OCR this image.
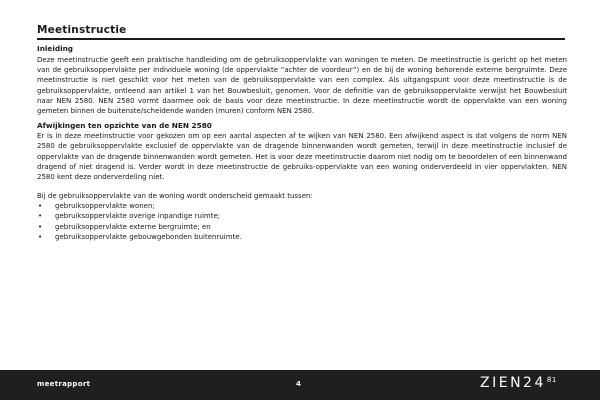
Meetinstructie

Inleiding

Deze meetinstructie geeft een praktische handleiding om de gebruiksoppervlakte van woningen te meten. De meetinstructie is gericht op het meten van de gebruiksoppervlakte per individuele woning (de oppervlakte “achter de voordeur”) en de bij de woning behorende externe bergruimte. Deze meetinstructie is niet geschikt voor het meten van de gebruiksoppervlakte van een complex. Als uitgangspunt voor deze meetinstructie is de gebruiksoppervlakte, ontleend aan artikel 1 van het Bouwbesluit, genomen. Voor de definitie van de gebruiksoppervlakte verwijst het Bouwbesluit naar NEN 2580. NEN 2580 vormt daarmee ook de basis voor deze meetinstructie. In deze meetinstructie wordt de oppervlakte van een woning gemeten binnen de buitenste/scheidende wanden (muren) conform NEN 2580.

Afwijkingen ten opzichte van de NEN 2580

Er is in deze meetinstructie voor gekozen om op een aantal aspecten af te wijken van NEN 2580. Een afwijkend aspect is dat volgens de norm NEN 2580 de gebruiksoppervlakte exclusief de oppervlakte van de dragende binnenwanden wordt gemeten, terwijl in deze meetinstructie inclusief de oppervlakte van de dragende binnenwanden wordt gemeten. Het is voor deze meetinstructie daarom niet nodig om te beoordelen of een binnenwand dragend of niet dragend is. Verder wordt in deze meetinstructie de gebruiks-oppervlakte van een woning onderverdeeld in vier oppervlakten. NEN 2580 kent deze onderverdeling niet.

Bij de gebruiksoppervlakte van de woning wordt onderscheid gemaakt tussen:

• gebruiksoppervlakte wonen;
• gebruiksoppervlakte overige inpandige ruimte;
• gebruiksoppervlakte externe bergruimte; en
• gebruiksoppervlakte gebouwgebonden buitenruimte.
meetrapport	4	ZIEN248̈1
